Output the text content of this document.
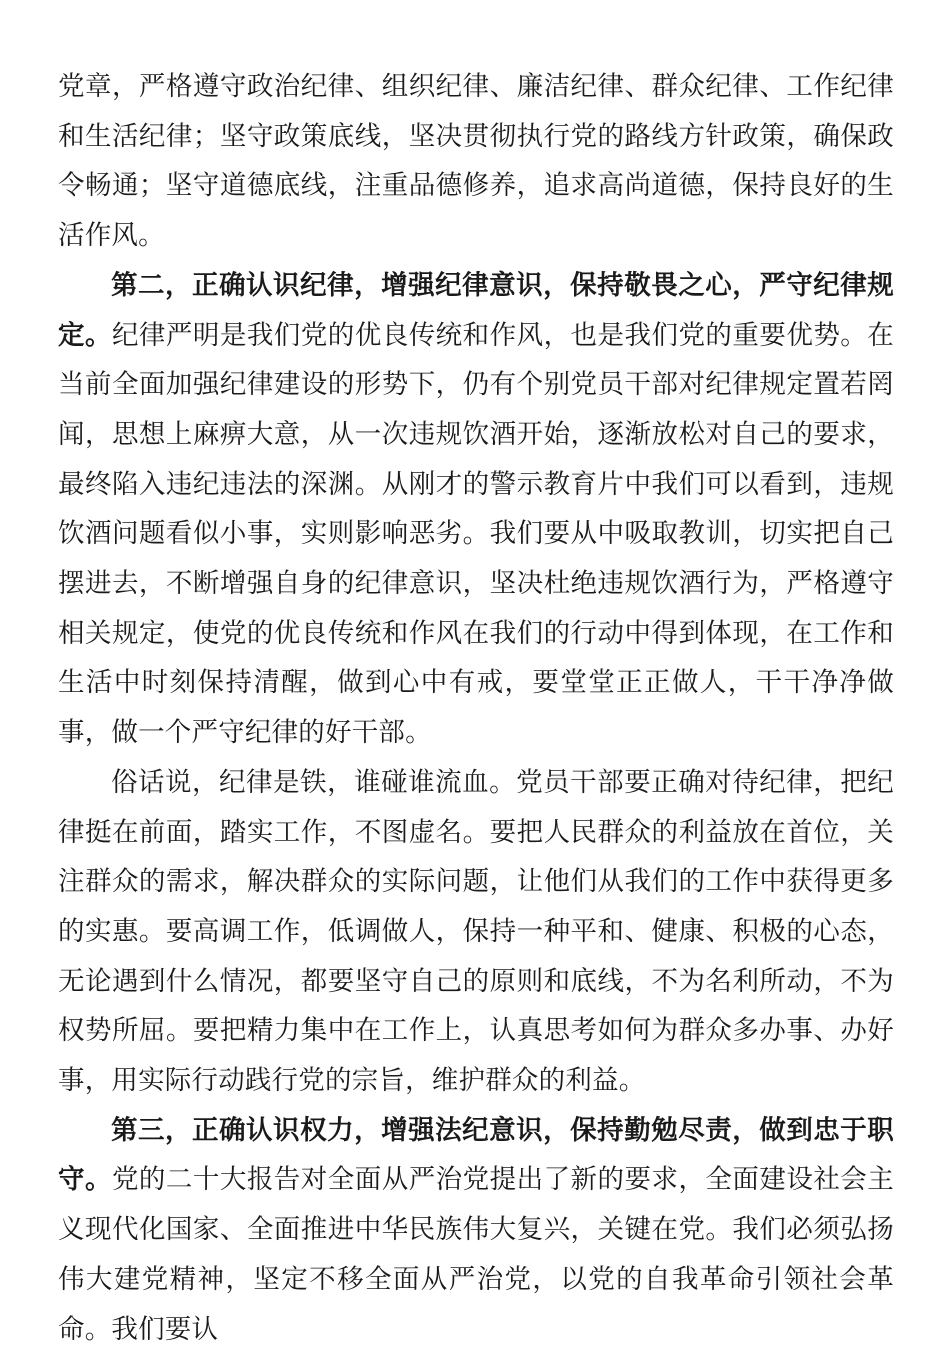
党章，严格遵守政治纪律、组织纪律、廉洁纪律、群众纪律、工作纪律和生活纪律；坚守政策底线，坚决贯彻执行党的路线方针政策，确保政令畅通；坚守道德底线，注重品德修养，追求高尚道德，保持良好的生活作风。

第二，正确认识纪律，增强纪律意识，保持敬畏之心，严守纪律规定。纪律严明是我们党的优良传统和作风，也是我们党的重要优势。在当前全面加强纪律建设的形势下，仍有个别党员干部对纪律规定置若罔闻，思想上麻痹大意，从一次违规饮酒开始，逐渐放松对自己的要求，最终陷入违纪违法的深渊。从刚才的警示教育片中我们可以看到，违规饮酒问题看似小事，实则影响恶劣。我们要从中吸取教训，切实把自己摆进去，不断增强自身的纪律意识，坚决杜绝违规饮酒行为，严格遵守相关规定，使党的优良传统和作风在我们的行动中得到体现，在工作和生活中时刻保持清醒，做到心中有戒，要堂堂正正做人，干干净净做事，做一个严守纪律的好干部。

俗话说，纪律是铁，谁碰谁流血。党员干部要正确对待纪律，把纪律挺在前面，踏实工作，不图虚名。要把人民群众的利益放在首位，关注群众的需求，解决群众的实际问题，让他们从我们的工作中获得更多的实惠。要高调工作，低调做人，保持一种平和、健康、积极的心态，无论遇到什么情况，都要坚守自己的原则和底线，不为名利所动，不为权势所屈。要把精力集中在工作上，认真思考如何为群众多办事、办好事，用实际行动践行党的宗旨，维护群众的利益。

第三，正确认识权力，增强法纪意识，保持勤勉尽责，做到忠于职守。党的二十大报告对全面从严治党提出了新的要求，全面建设社会主义现代化国家、全面推进中华民族伟大复兴，关键在党。我们必须弘扬伟大建党精神，坚定不移全面从严治党，以党的自我革命引领社会革命。我们要认
